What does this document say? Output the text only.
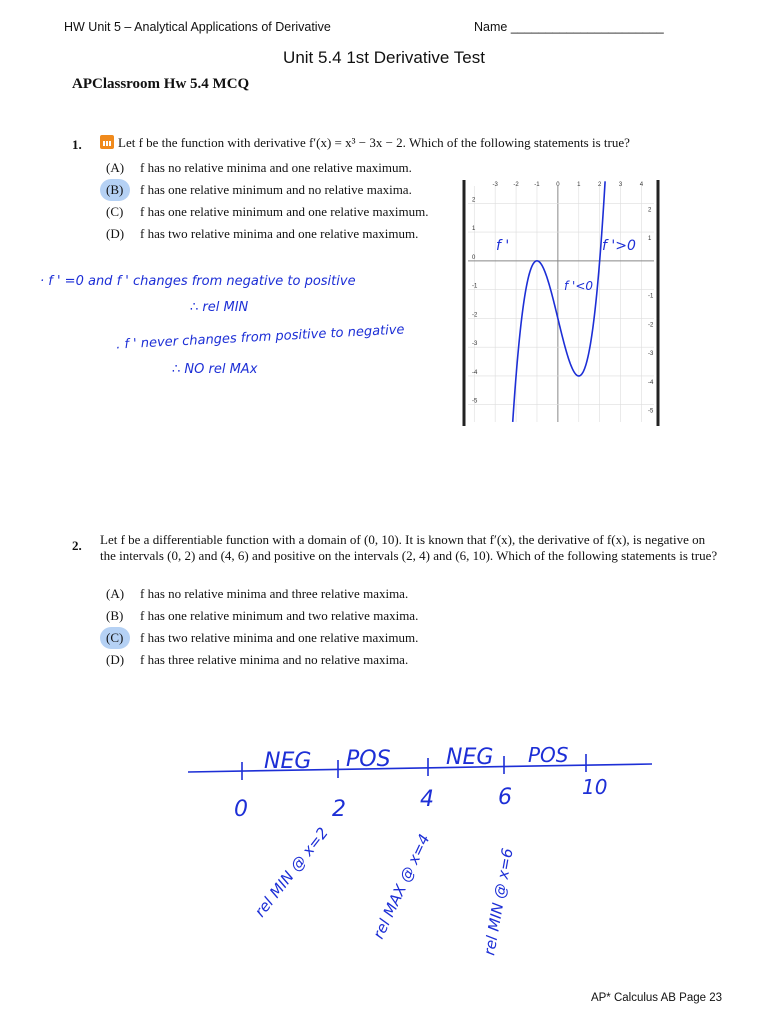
HW Unit 5 – Analytical Applications of Derivative	Name ______________________
Unit 5.4 1st Derivative Test
APClassroom Hw 5.4 MCQ
1.	Let f be the function with derivative f′(x) = x³ − 3x − 2. Which of the following statements is true?
(A) f has no relative minima and one relative maximum.
(B) f has one relative minimum and no relative maxima.
(C) f has one relative minimum and one relative maximum.
(D) f has two relative minima and one relative maximum.
· f ' =0 and f ' changes from negative to positive
∴ rel MIN
. f ' never changes from positive to negative
∴ NO rel MAx
-3	-2	-1	0	1	2	3	4
2
1
0
-1
-2
-3
-4
-5
2
1
-1
-2
-3
-4
-5
f '	f '>0
f '<0
2. Let f be a differentiable function with a domain of (0, 10). It is known that f′(x), the derivative of f(x), is negative on the intervals (0, 2) and (4, 6) and positive on the intervals (2, 4) and (6, 10). Which of the following statements is true?
(A) f has no relative minima and three relative maxima.
(B) f has one relative minimum and two relative maxima.
(C) f has two relative minima and one relative maximum.
(D) f has three relative minima and no relative maxima.
NEG POS	NEG POS
0	2	4	6	10
rel MIN @ x=2 rel MAX @ x=4	rel MIN @ x=6
AP* Calculus AB Page 23
